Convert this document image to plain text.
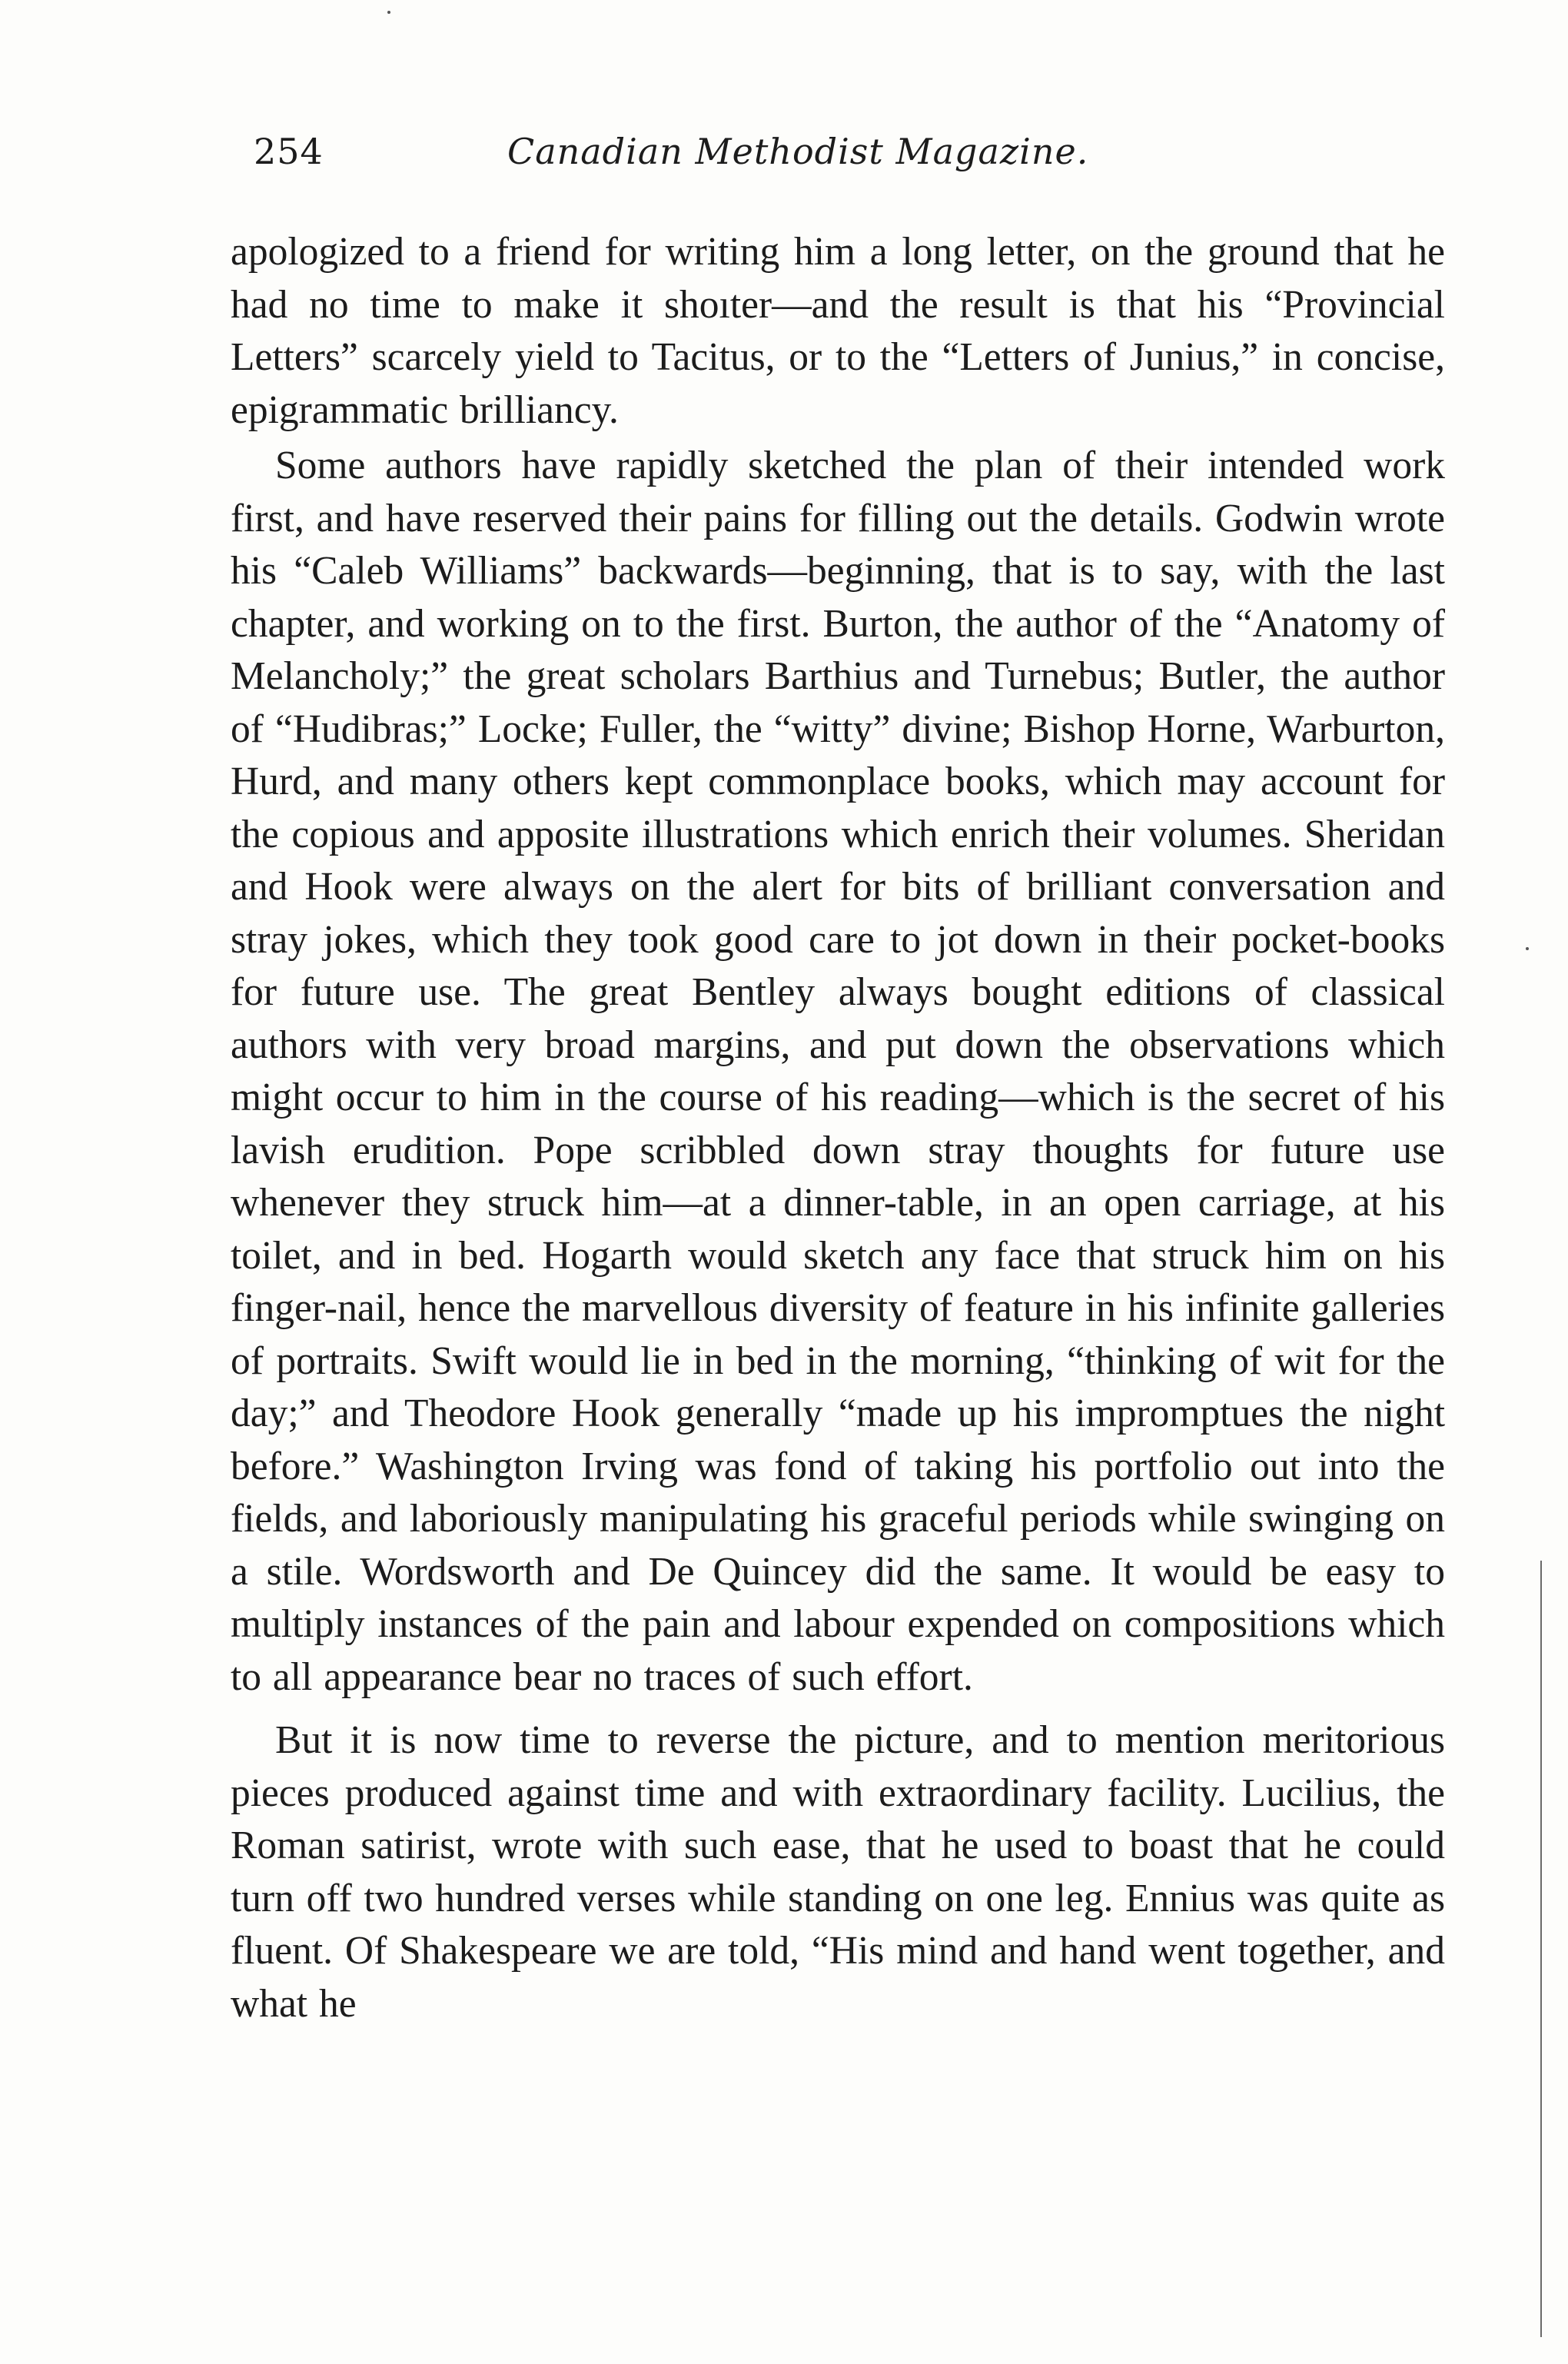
254	Canadian Methodist Magazine.

apologized to a friend for writing him a long letter, on the ground that he had no time to make it shoıter—and the result is that his “Provincial Letters” scarcely yield to Tacitus, or to the “Letters of Junius,” in concise, epigrammatic brilliancy.

Some authors have rapidly sketched the plan of their intended work first, and have reserved their pains for filling out the details. Godwin wrote his “Caleb Williams” backwards—beginning, that is to say, with the last chapter, and working on to the first. Burton, the author of the “Anatomy of Melancholy;” the great scholars Barthius and Turnebus; Butler, the author of “Hudibras;” Locke; Fuller, the “witty” divine; Bishop Horne, Warburton, Hurd, and many others kept commonplace books, which may account for the copious and apposite illustrations which enrich their volumes. Sheridan and Hook were always on the alert for bits of brilliant conversation and stray jokes, which they took good care to jot down in their pocket-books for future use. The great Bentley always bought editions of classical authors with very broad margins, and put down the observations which might occur to him in the course of his reading—which is the secret of his lavish erudition. Pope scribbled down stray thoughts for future use whenever they struck him—at a dinner-table, in an open carriage, at his toilet, and in bed. Hogarth would sketch any face that struck him on his finger-nail, hence the marvellous diversity of feature in his infinite galleries of portraits. Swift would lie in bed in the morning, “thinking of wit for the day;” and Theodore Hook generally “made up his impromptues the night before.” Washington Irving was fond of taking his portfolio out into the fields, and laboriously manipulating his graceful periods while swinging on a stile. Wordsworth and De Quincey did the same. It would be easy to multiply instances of the pain and labour expended on compositions which to all appearance bear no traces of such effort.

But it is now time to reverse the picture, and to mention meritorious pieces produced against time and with extraordinary facility. Lucilius, the Roman satirist, wrote with such ease, that he used to boast that he could turn off two hundred verses while standing on one leg. Ennius was quite as fluent. Of Shakespeare we are told, “His mind and hand went together, and what he
